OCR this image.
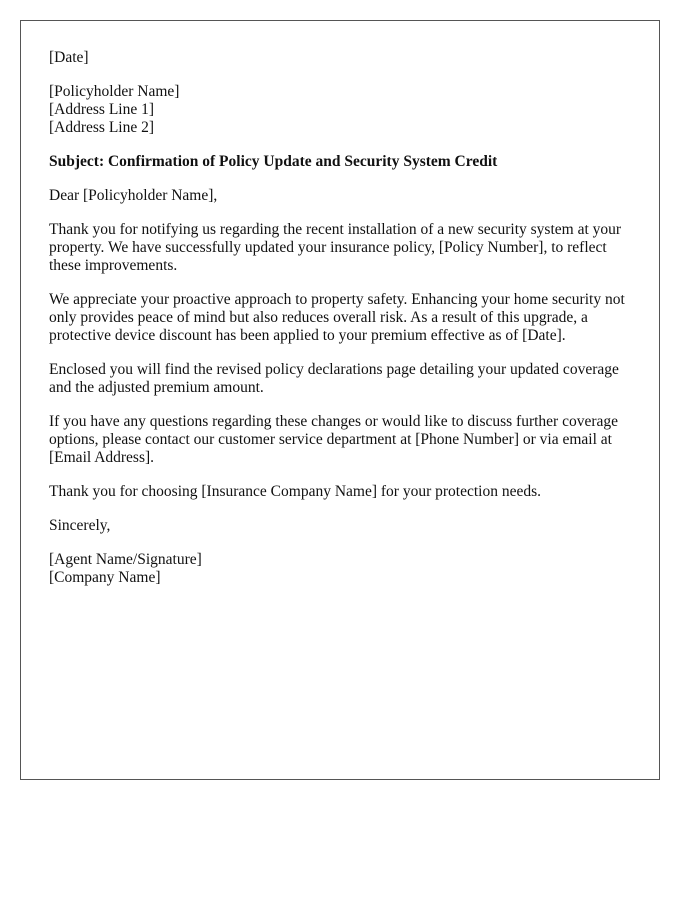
[Date]
[Policyholder Name]
[Address Line 1]
[Address Line 2]
Subject: Confirmation of Policy Update and Security System Credit
Dear [Policyholder Name],

Thank you for notifying us regarding the recent installation of a new security system at your property. We have successfully updated your insurance policy, [Policy Number], to reflect these improvements.

We appreciate your proactive approach to property safety. Enhancing your home security not only provides peace of mind but also reduces overall risk. As a result of this upgrade, a protective device discount has been applied to your premium effective as of [Date].

Enclosed you will find the revised policy declarations page detailing your updated coverage and the adjusted premium amount.

If you have any questions regarding these changes or would like to discuss further coverage options, please contact our customer service department at [Phone Number] or via email at [Email Address].

Thank you for choosing [Insurance Company Name] for your protection needs.

Sincerely,
[Agent Name/Signature]
[Company Name]
